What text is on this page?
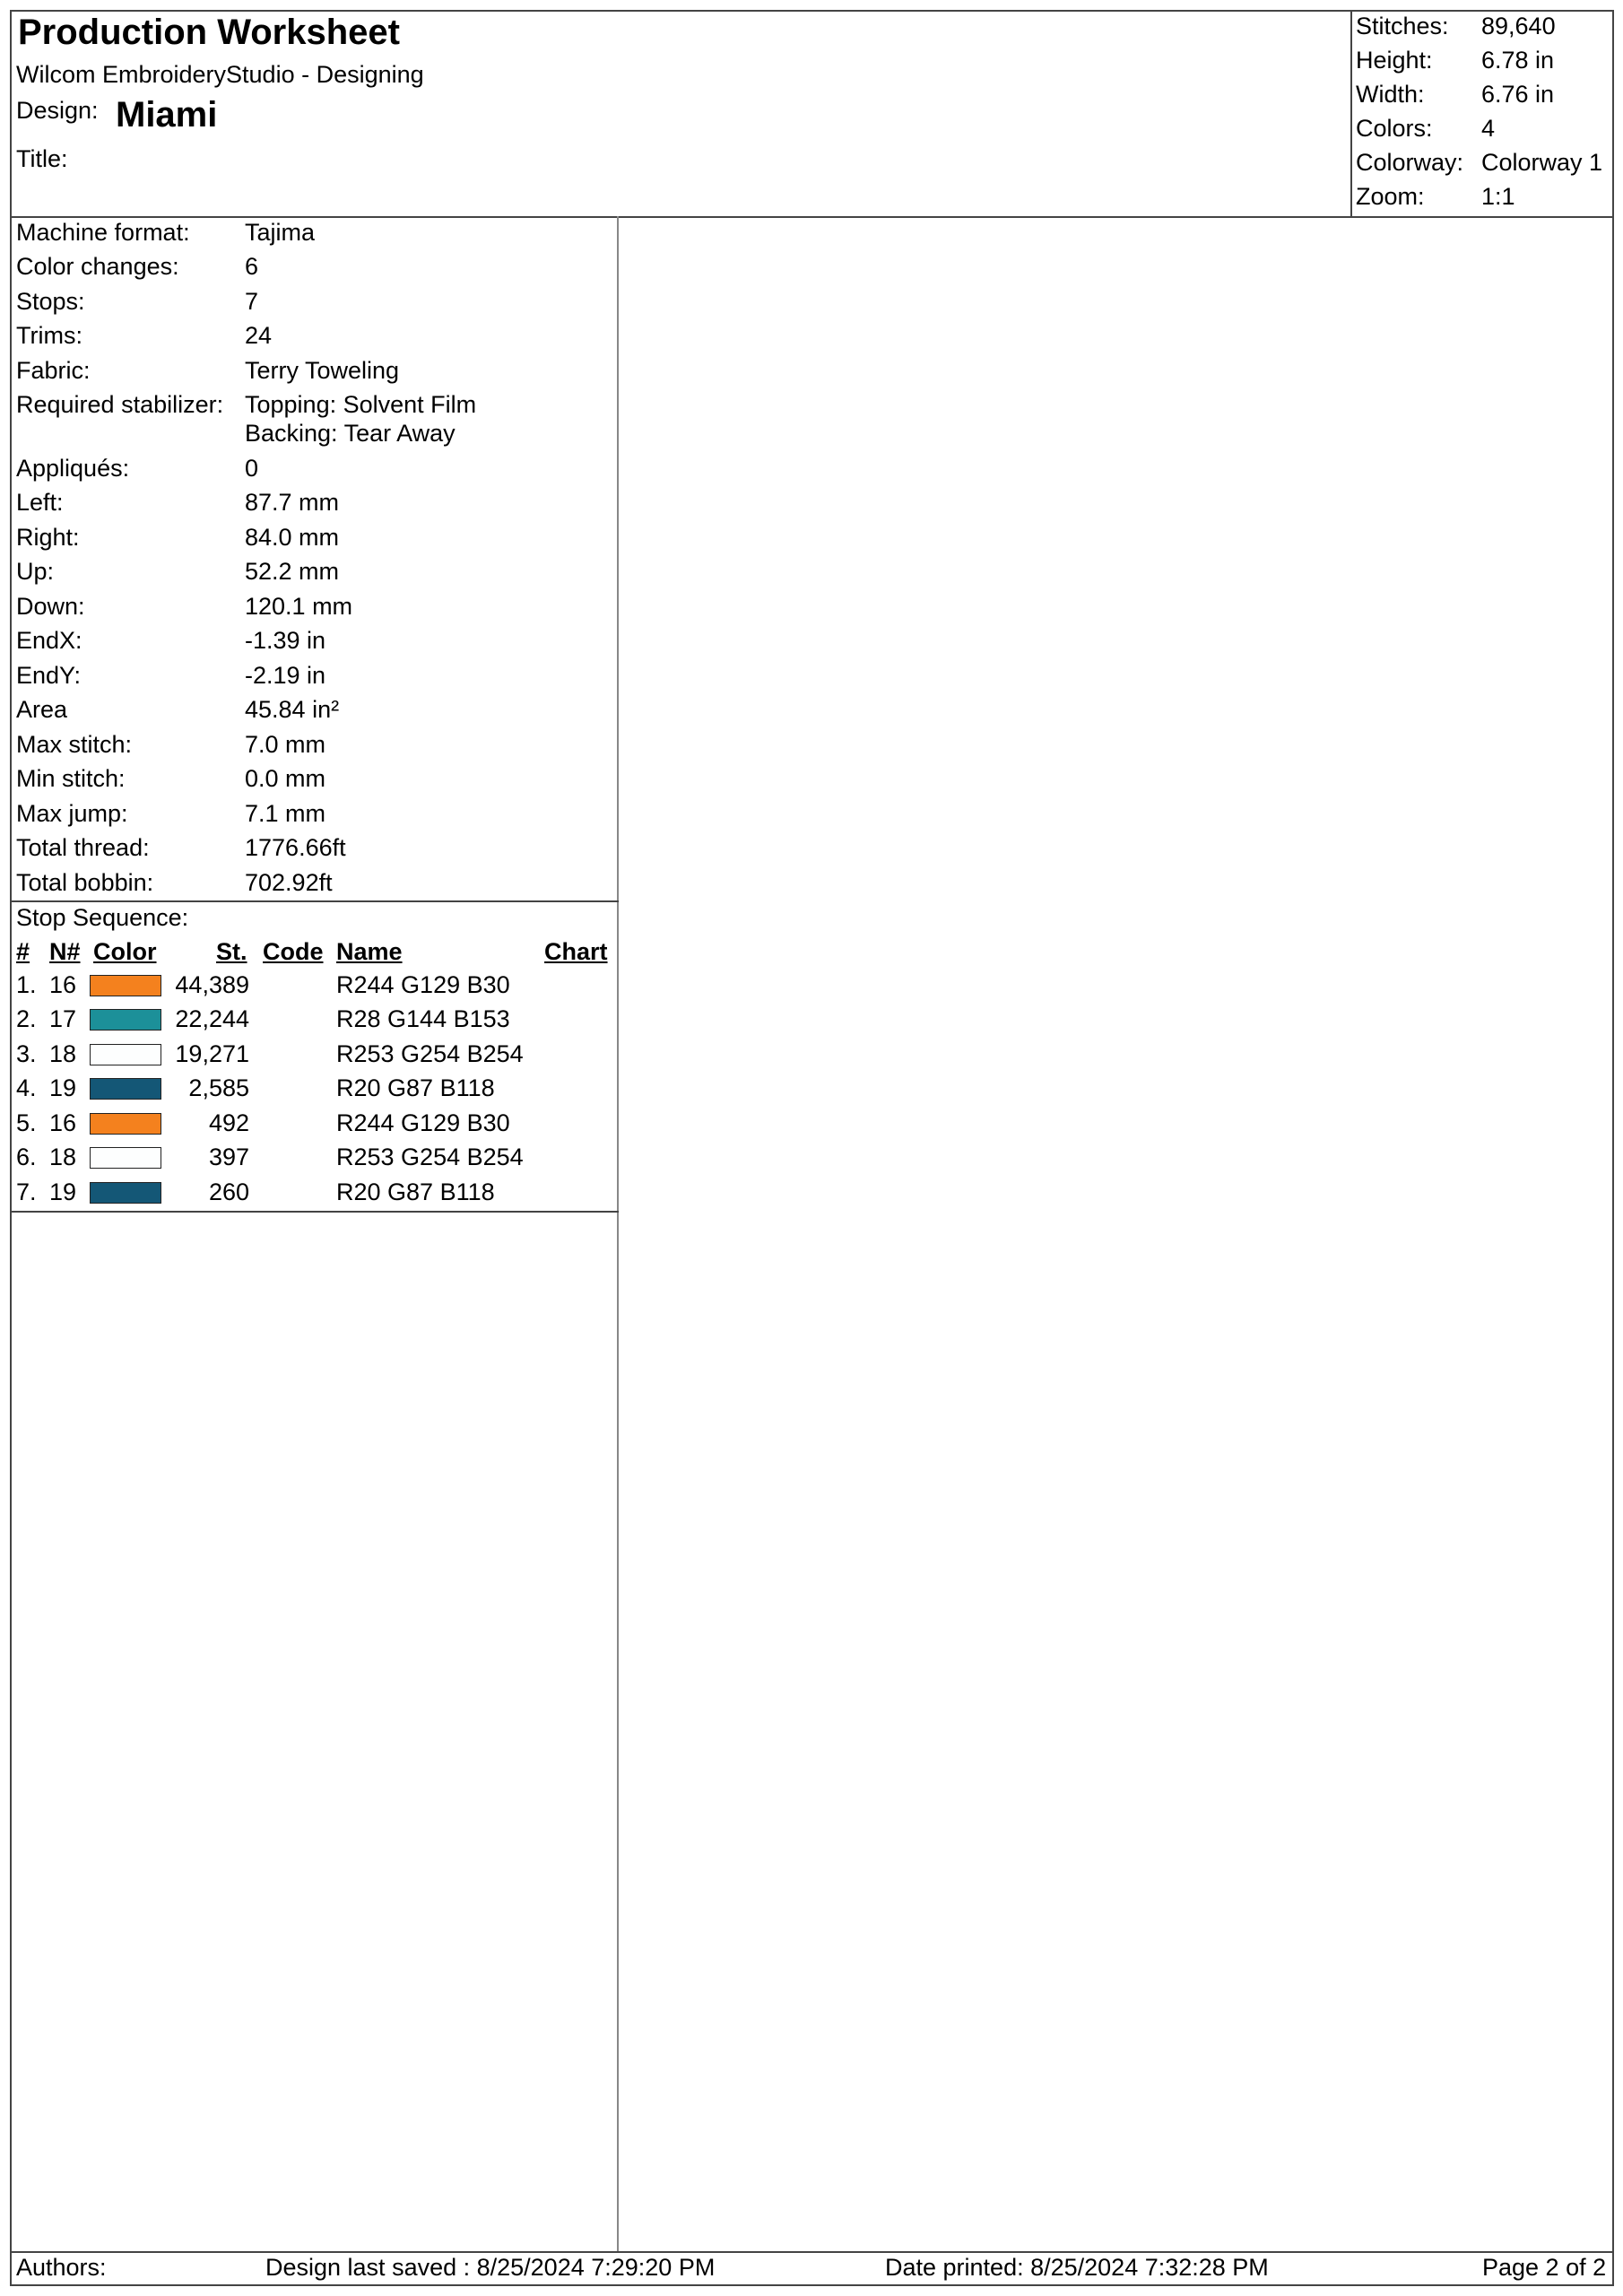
Production Worksheet
Wilcom EmbroideryStudio - Designing
Design: Miami
Title:
Stitches: 89,640
Height: 6.78 in
Width: 6.76 in
Colors: 4
Colorway: Colorway 1
Zoom: 1:1
Machine format: Tajima
Color changes:	6
Stops:	7
Trims:	24
Fabric:	Terry Toweling
Required stabilizer: Topping: Solvent Film
Backing: Tear Away
Appliqués:	0
Left:	87.7 mm
Right:	84.0 mm
Up:	52.2 mm
Down:	120.1 mm
EndX:	-1.39 in
EndY:	-2.19 in
Area	45.84 in²
Max stitch:	7.0 mm
Min stitch:	0.0 mm
Max jump:	7.1 mm
Total thread:	1776.66ft
Total bobbin:	702.92ft
Stop Sequence:
# N# Color St. Code Name	Chart
1. 16	44,389	R244 G129 B30
2. 17	22,244	R28 G144 B153
3. 18	19,271	R253 G254 B254
4. 19	2,585	R20 G87 B118
5. 16	492	R244 G129 B30
6. 18	397	R253 G254 B254
7. 19	260	R20 G87 B118
Authors:	Design last saved : 8/25/2024 7:29:20 PM	Date printed: 8/25/2024 7:32:28 PM	Page 2 of 2
